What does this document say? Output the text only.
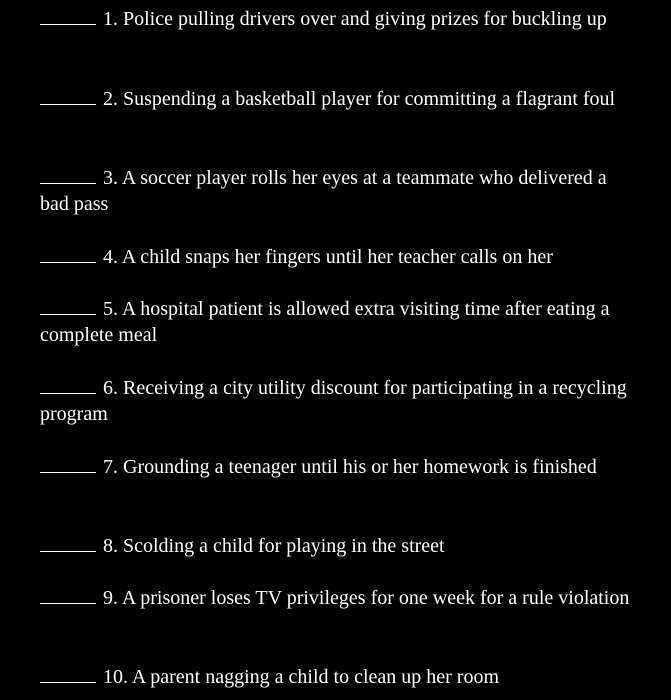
1. Police pulling drivers over and giving prizes for buckling up

2. Suspending a basketball player for committing a flagrant foul

3. A soccer player rolls her eyes at a teammate who delivered a bad pass

4. A child snaps her fingers until her teacher calls on her

5. A hospital patient is allowed extra visiting time after eating a complete meal

6. Receiving a city utility discount for participating in a recycling program

7. Grounding a teenager until his or her homework is finished

8. Scolding a child for playing in the street

9. A prisoner loses TV privileges for one week for a rule violation

10. A parent nagging a child to clean up her room
